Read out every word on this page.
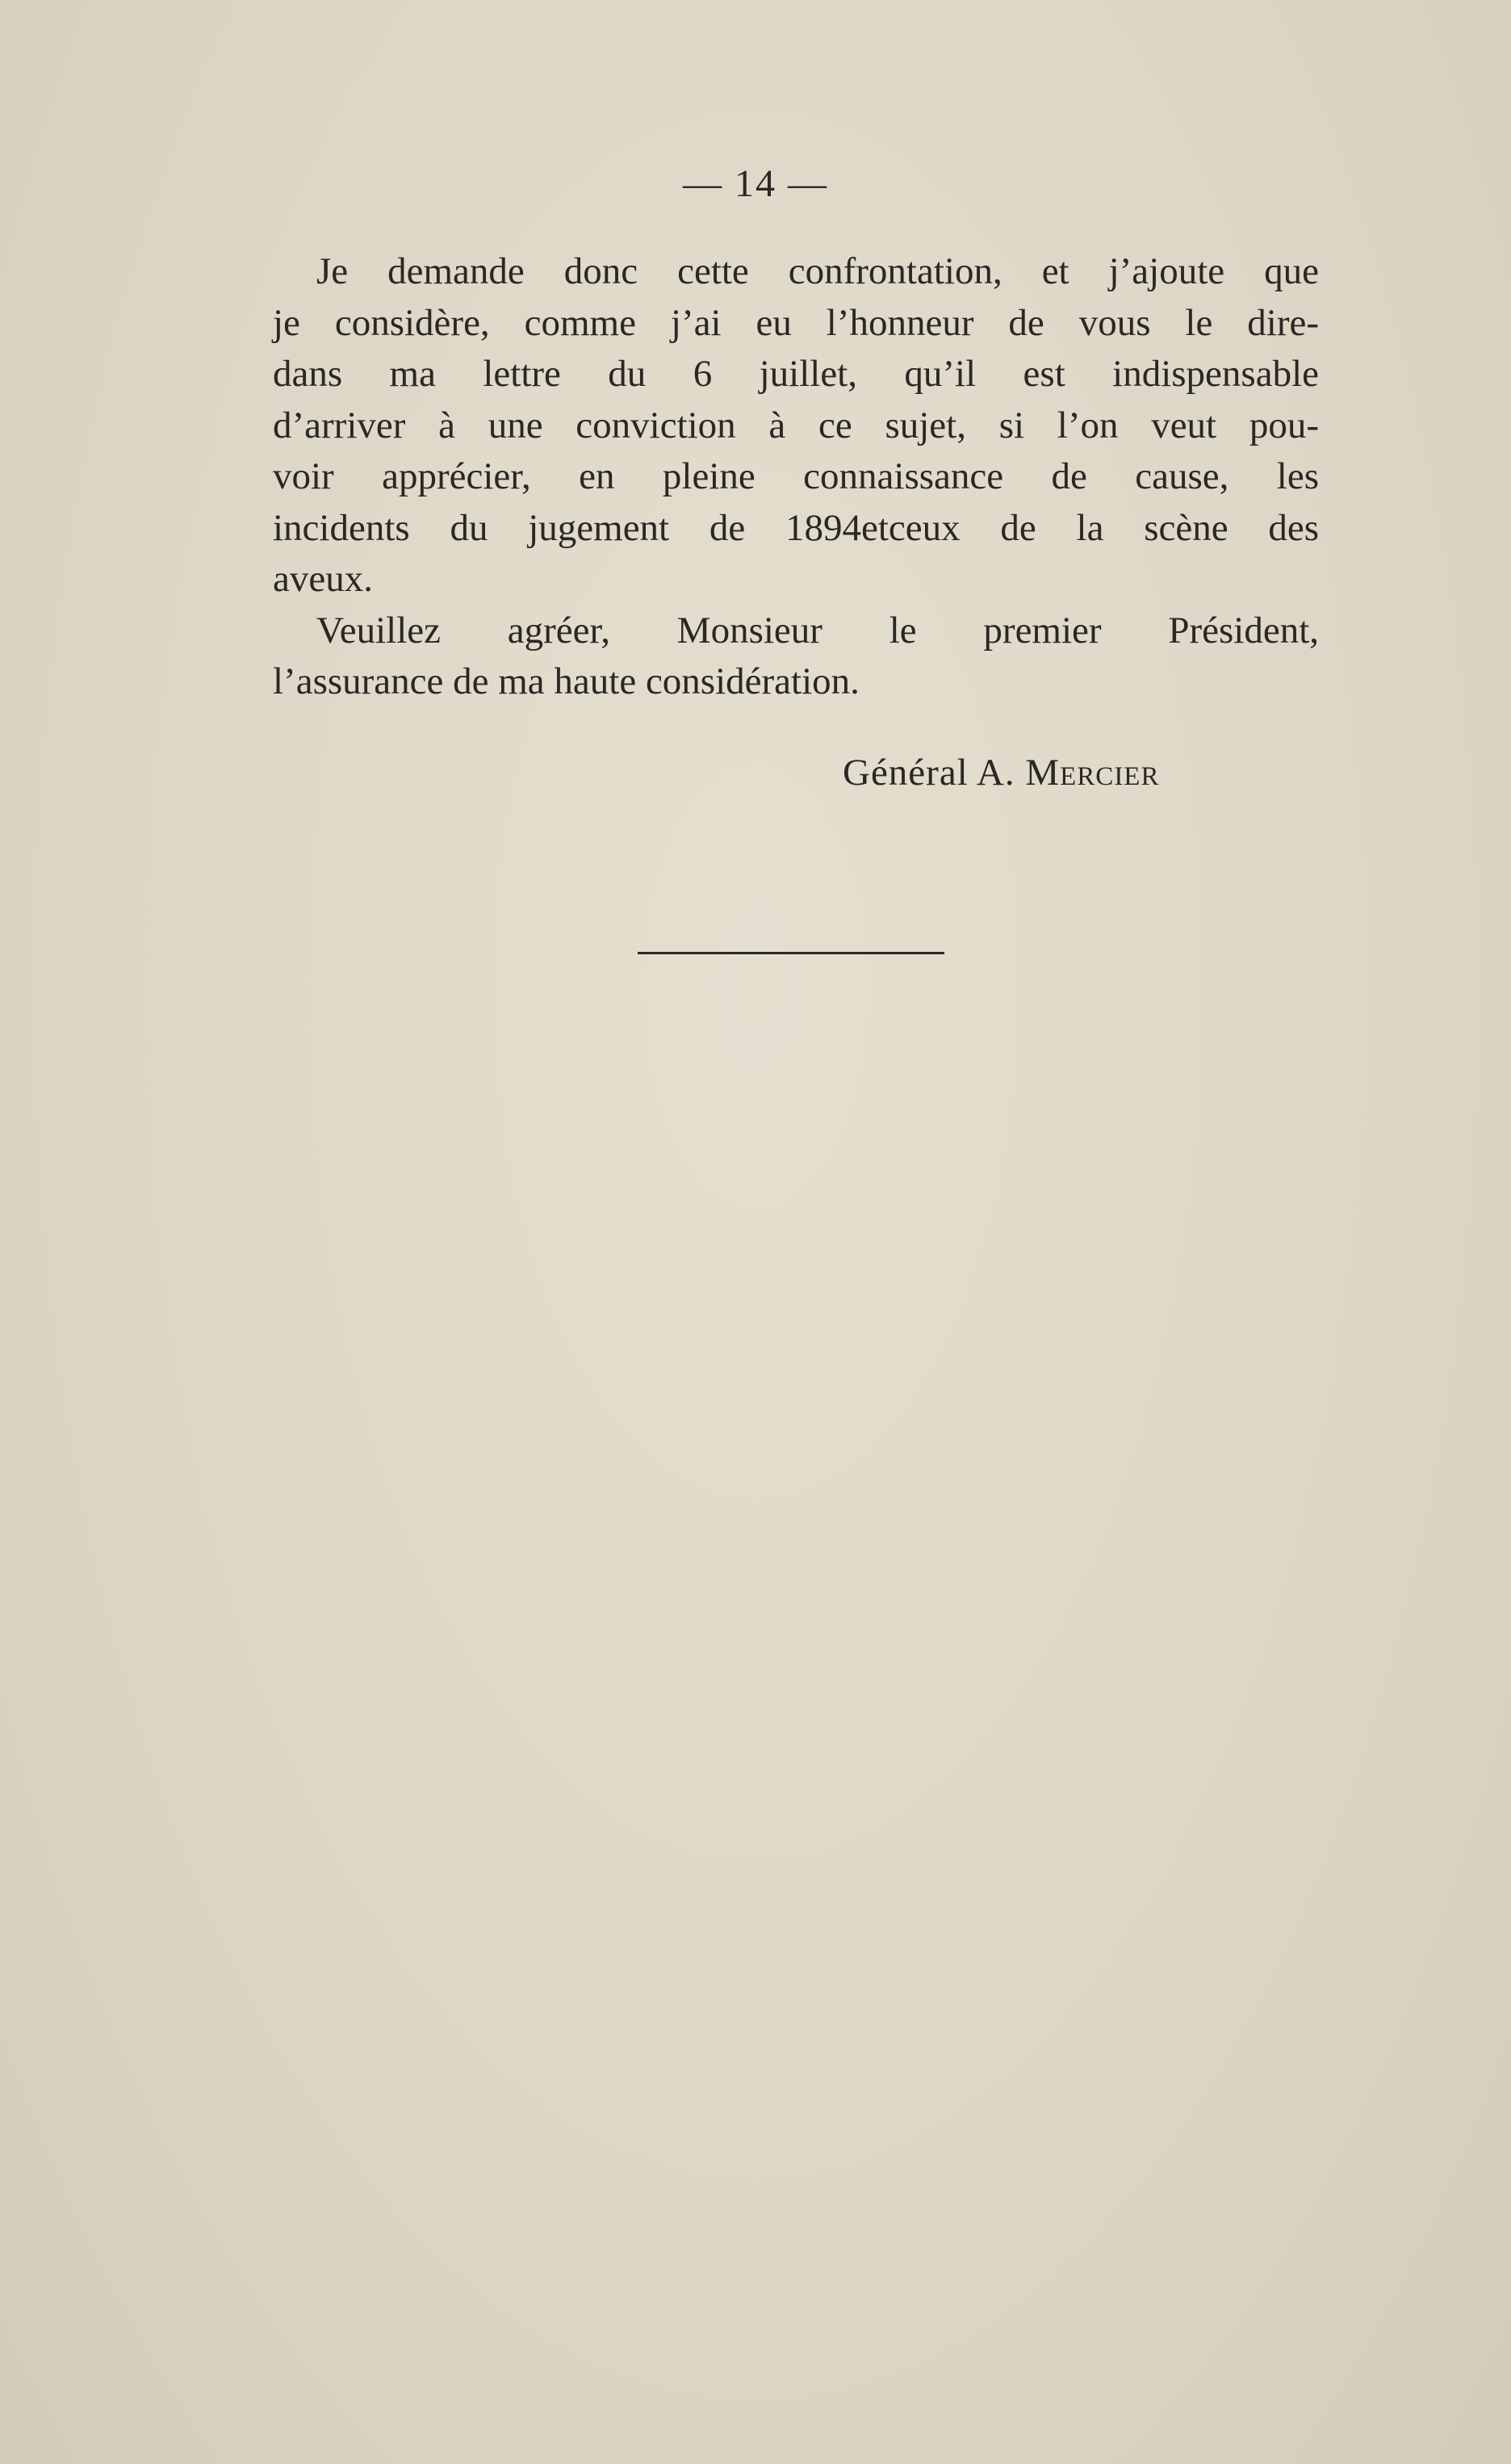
— 14 —
Je demande donc cette confrontation, et j’ajoute que
je considère, comme j’ai eu l’honneur de vous le dire-
dans ma lettre du 6 juillet, qu’il est indispensable
d’arriver à une conviction à ce sujet, si l’on veut pou-
voir apprécier, en pleine connaissance de cause, les
incidents du jugement de 1894etceux de la scène des
aveux.
Veuillez agréer, Monsieur le premier Président,
l’assurance de ma haute considération.
Général A. Mercier
